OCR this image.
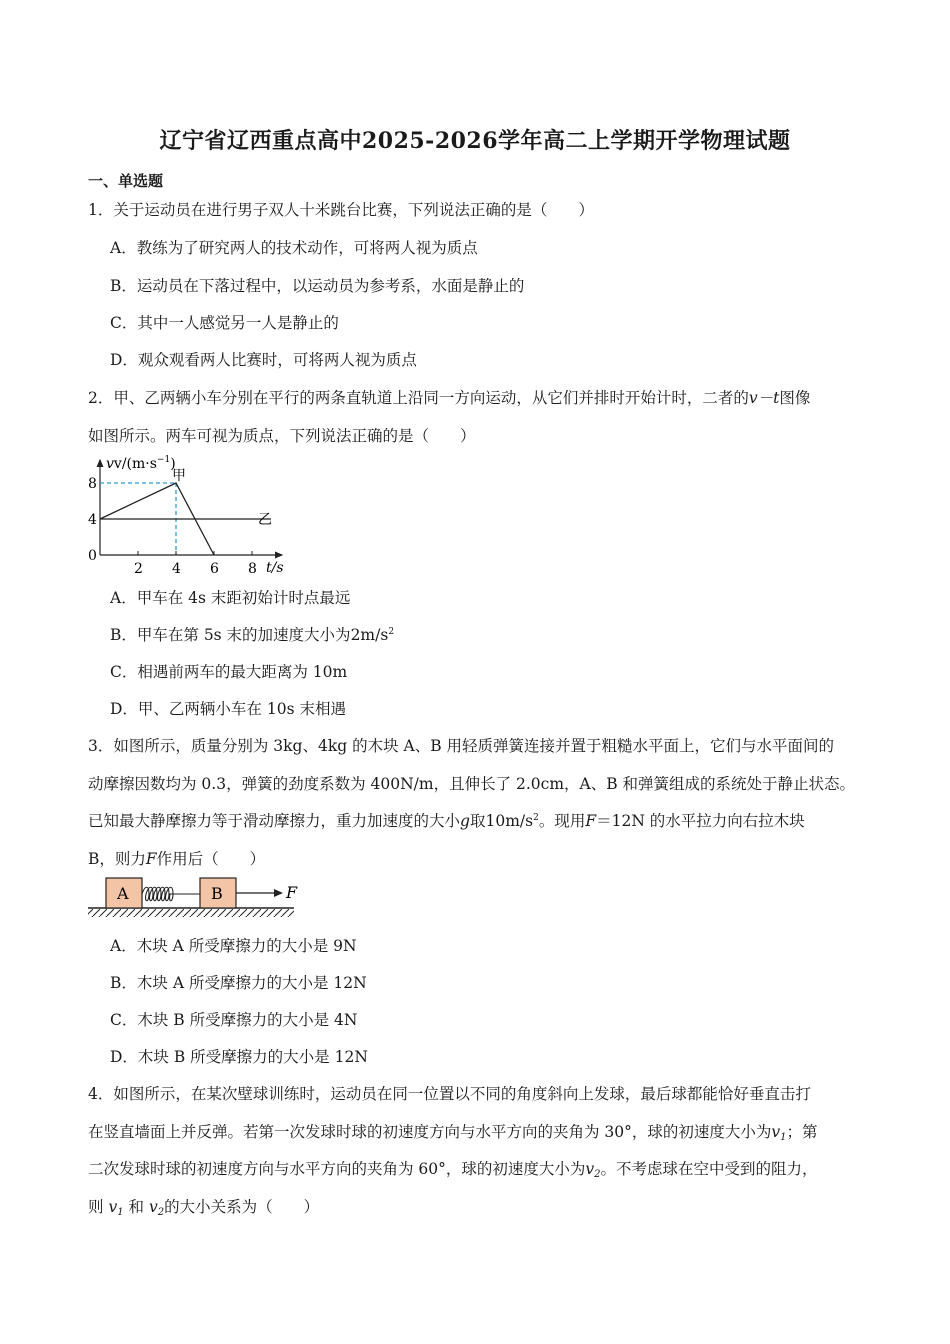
辽宁省辽西重点高中2025-2026学年高二上学期开学物理试题
一、单选题
1．关于运动员在进行男子双人十米跳台比赛，下列说法正确的是（　　）
A．教练为了研究两人的技术动作，可将两人视为质点
B．运动员在下落过程中，以运动员为参考系，水面是静止的
C．其中一人感觉另一人是静止的
D．观众观看两人比赛时，可将两人视为质点
2．甲、乙两辆小车分别在平行的两条直轨道上沿同一方向运动，从它们并排时开始计时，二者的v－t图像
如图所示。两车可视为质点，下列说法正确的是（　　）
$vv/(m\cdot s^{-1})$
t/s
8
4
0
2 4 6 8
甲
乙
A．甲车在 4s 末距初始计时点最远
B．甲车在第 5s 末的加速度大小为$2m/s^2$
C．相遇前两车的最大距离为 10m
D．甲、乙两辆小车在 10s 末相遇
3．如图所示，质量分别为 3kg、4kg 的木块 A、B 用轻质弹簧连接并置于粗糙水平面上，它们与水平面间的
动摩擦因数均为 0.3，弹簧的劲度系数为 400N/m，且伸长了 2.0cm，A、B 和弹簧组成的系统处于静止状态。
已知最大静摩擦力等于滑动摩擦力，重力加速度的大小g取$10m/s^2$。现用F＝12N 的水平拉力向右拉木块
B，则力F作用后（　　）
A	B	F
A．木块 A 所受摩擦力的大小是 9N
B．木块 A 所受摩擦力的大小是 12N
C．木块 B 所受摩擦力的大小是 4N
D．木块 B 所受摩擦力的大小是 12N
4．如图所示，在某次壁球训练时，运动员在同一位置以不同的角度斜向上发球，最后球都能恰好垂直击打
在竖直墙面上并反弹。若第一次发球时球的初速度方向与水平方向的夹角为 30°，球的初速度大小为$v_1$；第
二次发球时球的初速度方向与水平方向的夹角为 60°，球的初速度大小为$v_2$。不考虑球在空中受到的阻力，
则 $v_1$ 和 $v_2$的大小关系为（　　）
